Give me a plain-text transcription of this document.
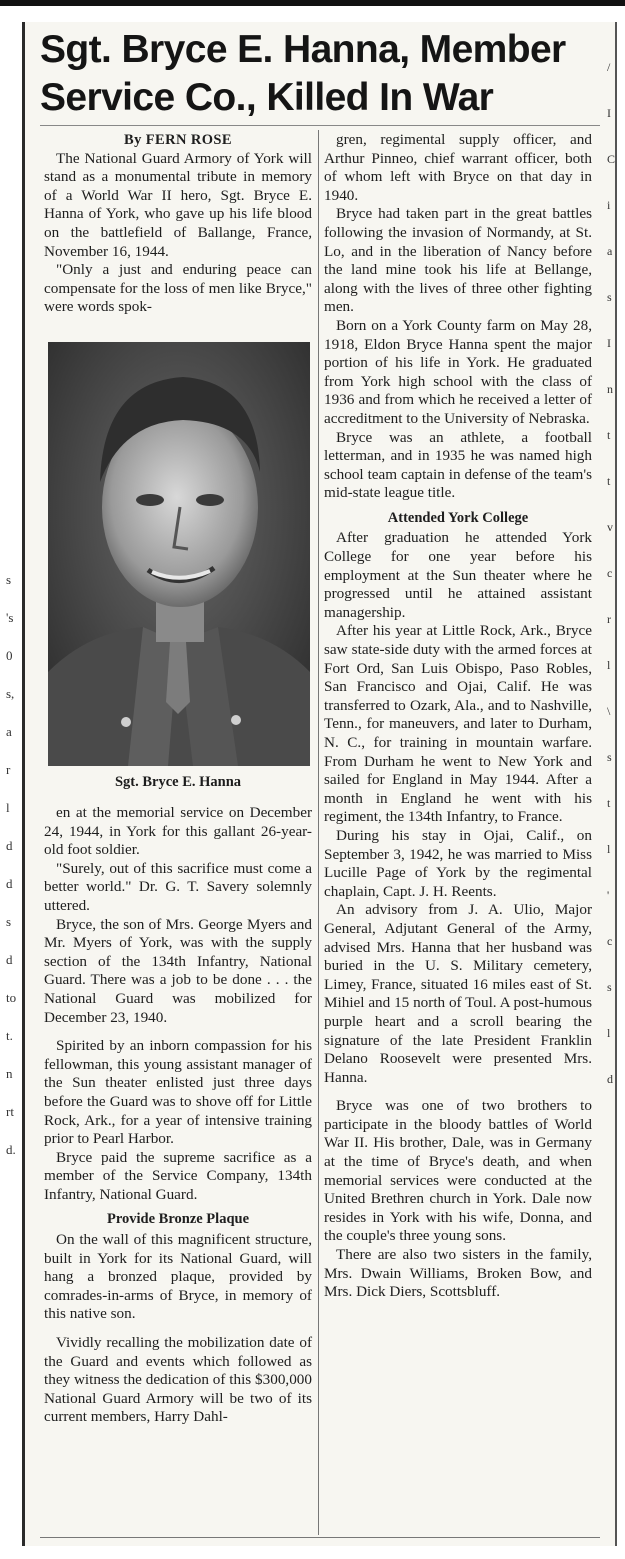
s
's
0
s,
a
r
l
d
d
s
d
to
t.
n
rt
d.
/
I
C
i
a
s
I
n
t
t
v
c
r
l
\
s
t
l
'
c
s
l
d
Sgt. Bryce E. Hanna, Member
Service Co., Killed In War
By FERN ROSE

The National Guard Armory of York will stand as a monumental tribute in memory of a World War II hero, Sgt. Bryce E. Hanna of York, who gave up his life blood on the battlefield of Ballange, France, November 16, 1944.

"Only a just and enduring peace can compensate for the loss of men like Bryce," were words spok-

Sgt. Bryce E. Hanna

en at the memorial service on December 24, 1944, in York for this gallant 26-year-old foot soldier.

"Surely, out of this sacrifice must come a better world." Dr. G. T. Savery solemnly uttered.

Bryce, the son of Mrs. George Myers and Mr. Myers of York, was with the supply section of the 134th Infantry, National Guard. There was a job to be done . . . the National Guard was mobilized for December 23, 1940.

Spirited by an inborn compassion for his fellowman, this young assistant manager of the Sun theater enlisted just three days before the Guard was to shove off for Little Rock, Ark., for a year of intensive training prior to Pearl Harbor.

Bryce paid the supreme sacrifice as a member of the Service Company, 134th Infantry, National Guard.

Provide Bronze Plaque

On the wall of this magnificent structure, built in York for its National Guard, will hang a bronzed plaque, provided by comrades-in-arms of Bryce, in memory of this native son.

Vividly recalling the mobilization date of the Guard and events which followed as they witness the dedication of this $300,000 National Guard Armory will be two of its current members, Harry Dahl-

gren, regimental supply officer, and Arthur Pinneo, chief warrant officer, both of whom left with Bryce on that day in 1940.

Bryce had taken part in the great battles following the invasion of Normandy, at St. Lo, and in the liberation of Nancy before the land mine took his life at Bellange, along with the lives of three other fighting men.

Born on a York County farm on May 28, 1918, Eldon Bryce Hanna spent the major portion of his life in York. He graduated from York high school with the class of 1936 and from which he received a letter of accreditment to the University of Nebraska.

Bryce was an athlete, a football letterman, and in 1935 he was named high school team captain in defense of the team's mid-state league title.

Attended York College

After graduation he attended York College for one year before his employment at the Sun theater where he progressed until he attained assistant managership.

After his year at Little Rock, Ark., Bryce saw state-side duty with the armed forces at Fort Ord, San Luis Obispo, Paso Robles, San Francisco and Ojai, Calif. He was transferred to Ozark, Ala., and to Nashville, Tenn., for maneuvers, and later to Durham, N. C., for training in mountain warfare. From Durham he went to New York and sailed for England in May 1944. After a month in England he went with his regiment, the 134th Infantry, to France.

During his stay in Ojai, Calif., on September 3, 1942, he was married to Miss Lucille Page of York by the regimental chaplain, Capt. J. H. Reents.

An advisory from J. A. Ulio, Major General, Adjutant General of the Army, advised Mrs. Hanna that her husband was buried in the U. S. Military cemetery, Limey, France, situated 16 miles east of St. Mihiel and 15 north of Toul. A post-humous purple heart and a scroll bearing the signature of the late President Franklin Delano Roosevelt were presented Mrs. Hanna.

Bryce was one of two brothers to participate in the bloody battles of World War II. His brother, Dale, was in Germany at the time of Bryce's death, and when memorial services were conducted at the United Brethren church in York. Dale now resides in York with his wife, Donna, and the couple's three young sons.

There are also two sisters in the family, Mrs. Dwain Williams, Broken Bow, and Mrs. Dick Diers, Scottsbluff.
